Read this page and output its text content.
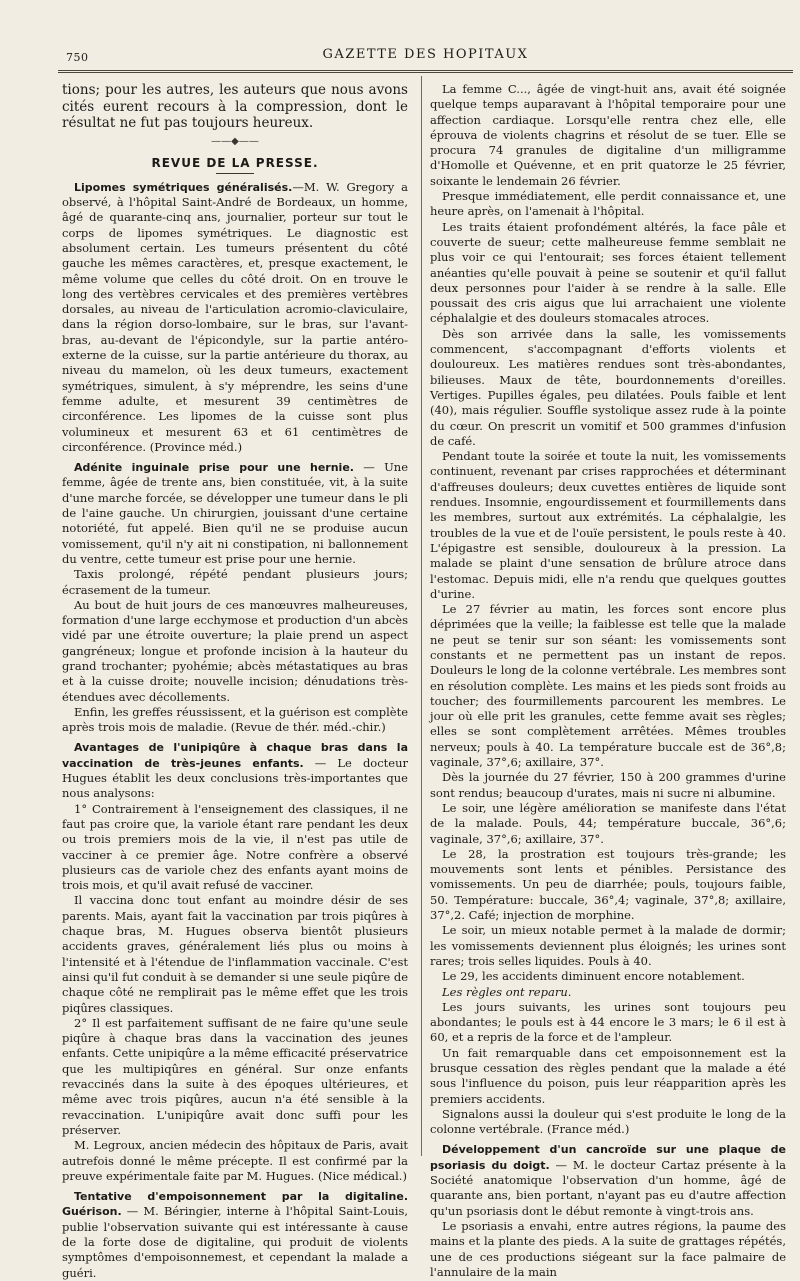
750	GAZETTE DES HOPITAUX

tions; pour les autres, les auteurs que nous avons cités eurent recours à la compression, dont le résultat ne fut pas toujours heureux.

——◆——
REVUE DE LA PRESSE.

Lipomes symétriques généralisés.—M. W. Gregory a observé, à l'hôpital Saint-André de Bordeaux, un homme, âgé de quarante-cinq ans, journalier, porteur sur tout le corps de lipomes symétriques. Le diagnostic est absolument certain. Les tumeurs présentent du côté gauche les mêmes caractères, et, presque exactement, le même volume que celles du côté droit. On en trouve le long des vertèbres cervicales et des premières vertèbres dorsales, au niveau de l'articulation acromio-claviculaire, dans la région dorso-lombaire, sur le bras, sur l'avant-bras, au-devant de l'épicondyle, sur la partie antéro-externe de la cuisse, sur la partie antérieure du thorax, au niveau du mamelon, où les deux tumeurs, exactement symétriques, simulent, à s'y méprendre, les seins d'une femme adulte, et mesurent 39 centimètres de circonférence. Les lipomes de la cuisse sont plus volumineux et mesurent 63 et 61 centimètres de circonférence. (Province méd.)

Adénite inguinale prise pour une hernie. — Une femme, âgée de trente ans, bien constituée, vit, à la suite d'une marche forcée, se développer une tumeur dans le pli de l'aine gauche. Un chirurgien, jouissant d'une certaine notoriété, fut appelé. Bien qu'il ne se produise aucun vomissement, qu'il n'y ait ni constipation, ni ballonnement du ventre, cette tumeur est prise pour une hernie.

Taxis prolongé, répété pendant plusieurs jours; écrasement de la tumeur.

Au bout de huit jours de ces manœuvres malheureuses, formation d'une large ecchymose et production d'un abcès vidé par une étroite ouverture; la plaie prend un aspect gangréneux; longue et profonde incision à la hauteur du grand trochanter; pyohémie; abcès métastatiques au bras et à la cuisse droite; nouvelle incision; dénudations très-étendues avec décollements.

Enfin, les greffes réussissent, et la guérison est complète après trois mois de maladie. (Revue de thér. méd.-chir.)

Avantages de l'unipiqûre à chaque bras dans la vaccination de très-jeunes enfants. — Le docteur Hugues établit les deux conclusions très-importantes que nous analysons:

1° Contrairement à l'enseignement des classiques, il ne faut pas croire que, la variole étant rare pendant les deux ou trois premiers mois de la vie, il n'est pas utile de vacciner à ce premier âge. Notre confrère a observé plusieurs cas de variole chez des enfants ayant moins de trois mois, et qu'il avait refusé de vacciner.

Il vaccina donc tout enfant au moindre désir de ses parents. Mais, ayant fait la vaccination par trois piqûres à chaque bras, M. Hugues observa bientôt plusieurs accidents graves, généralement liés plus ou moins à l'intensité et à l'étendue de l'inflammation vaccinale. C'est ainsi qu'il fut conduit à se demander si une seule piqûre de chaque côté ne remplirait pas le même effet que les trois piqûres classiques.

2° Il est parfaitement suffisant de ne faire qu'une seule piqûre à chaque bras dans la vaccination des jeunes enfants. Cette unipiqûre a la même efficacité préservatrice que les multipiqûres en général. Sur onze enfants revaccinés dans la suite à des époques ultérieures, et même avec trois piqûres, aucun n'a été sensible à la revaccination. L'unipiqûre avait donc suffi pour les préserver.

M. Legroux, ancien médecin des hôpitaux de Paris, avait autrefois donné le même précepte. Il est confirmé par la preuve expérimentale faite par M. Hugues. (Nice médical.)

Tentative d'empoisonnement par la digitaline. Guérison. — M. Béringier, interne à l'hôpital Saint-Louis, publie l'observation suivante qui est intéressante à cause de la forte dose de digitaline, qui produit de violents symptômes d'empoisonnemest, et cependant la malade a guéri.

La femme C..., âgée de vingt-huit ans, avait été soignée quelque temps auparavant à l'hôpital temporaire pour une affection cardiaque. Lorsqu'elle rentra chez elle, elle éprouva de violents chagrins et résolut de se tuer. Elle se procura 74 granules de digitaline d'un milligramme d'Homolle et Quévenne, et en prit quatorze le 25 février, soixante le lendemain 26 février.

Presque immédiatement, elle perdit connaissance et, une heure après, on l'amenait à l'hôpital.

Les traits étaient profondément altérés, la face pâle et couverte de sueur; cette malheureuse femme semblait ne plus voir ce qui l'entourait; ses forces étaient tellement anéanties qu'elle pouvait à peine se soutenir et qu'il fallut deux personnes pour l'aider à se rendre à la salle. Elle poussait des cris aigus que lui arrachaient une violente céphalalgie et des douleurs stomacales atroces.

Dès son arrivée dans la salle, les vomissements commencent, s'accompagnant d'efforts violents et douloureux. Les matières rendues sont très-abondantes, bilieuses. Maux de tête, bourdonnements d'oreilles. Vertiges. Pupilles égales, peu dilatées. Pouls faible et lent (40), mais régulier. Souffle systolique assez rude à la pointe du cœur. On prescrit un vomitif et 500 grammes d'infusion de café.

Pendant toute la soirée et toute la nuit, les vomissements continuent, revenant par crises rapprochées et déterminant d'affreuses douleurs; deux cuvettes entières de liquide sont rendues. Insomnie, engourdissement et fourmillements dans les membres, surtout aux extrémités. La céphalalgie, les troubles de la vue et de l'ouïe persistent, le pouls reste à 40. L'épigastre est sensible, douloureux à la pression. La malade se plaint d'une sensation de brûlure atroce dans l'estomac. Depuis midi, elle n'a rendu que quelques gouttes d'urine.

Le 27 février au matin, les forces sont encore plus déprimées que la veille; la faiblesse est telle que la malade ne peut se tenir sur son séant: les vomissements sont constants et ne permettent pas un instant de repos. Douleurs le long de la colonne vertébrale. Les membres sont en résolution complète. Les mains et les pieds sont froids au toucher; des fourmillements parcourent les membres. Le jour où elle prit les granules, cette femme avait ses règles; elles se sont complètement arrêtées. Mêmes troubles nerveux; pouls à 40. La température buccale est de 36°,8; vaginale, 37°,6; axillaire, 37°.

Dès la journée du 27 février, 150 à 200 grammes d'urine sont rendus; beaucoup d'urates, mais ni sucre ni albumine.

Le soir, une légère amélioration se manifeste dans l'état de la malade. Pouls, 44; température buccale, 36°,6; vaginale, 37°,6; axillaire, 37°.

Le 28, la prostration est toujours très-grande; les mouvements sont lents et pénibles. Persistance des vomissements. Un peu de diarrhée; pouls, toujours faible, 50. Température: buccale, 36°,4; vaginale, 37°,8; axillaire, 37°,2. Café; injection de morphine.

Le soir, un mieux notable permet à la malade de dormir; les vomissements deviennent plus éloignés; les urines sont rares; trois selles liquides. Pouls à 40.

Le 29, les accidents diminuent encore notablement.

Les règles ont reparu.

Les jours suivants, les urines sont toujours peu abondantes; le pouls est à 44 encore le 3 mars; le 6 il est à 60, et a repris de la force et de l'ampleur.

Un fait remarquable dans cet empoisonnement est la brusque cessation des règles pendant que la malade a été sous l'influence du poison, puis leur réapparition après les premiers accidents.

Signalons aussi la douleur qui s'est produite le long de la colonne vertébrale. (France méd.)

Développement d'un cancroïde sur une plaque de psoriasis du doigt. — M. le docteur Cartaz présente à la Société anatomique l'observation d'un homme, âgé de quarante ans, bien portant, n'ayant pas eu d'autre affection qu'un psoriasis dont le début remonte à vingt-trois ans.

Le psoriasis a envahi, entre autres régions, la paume des mains et la plante des pieds. A la suite de grattages répétés, une de ces productions siégeant sur la face palmaire de l'annulaire de la main
